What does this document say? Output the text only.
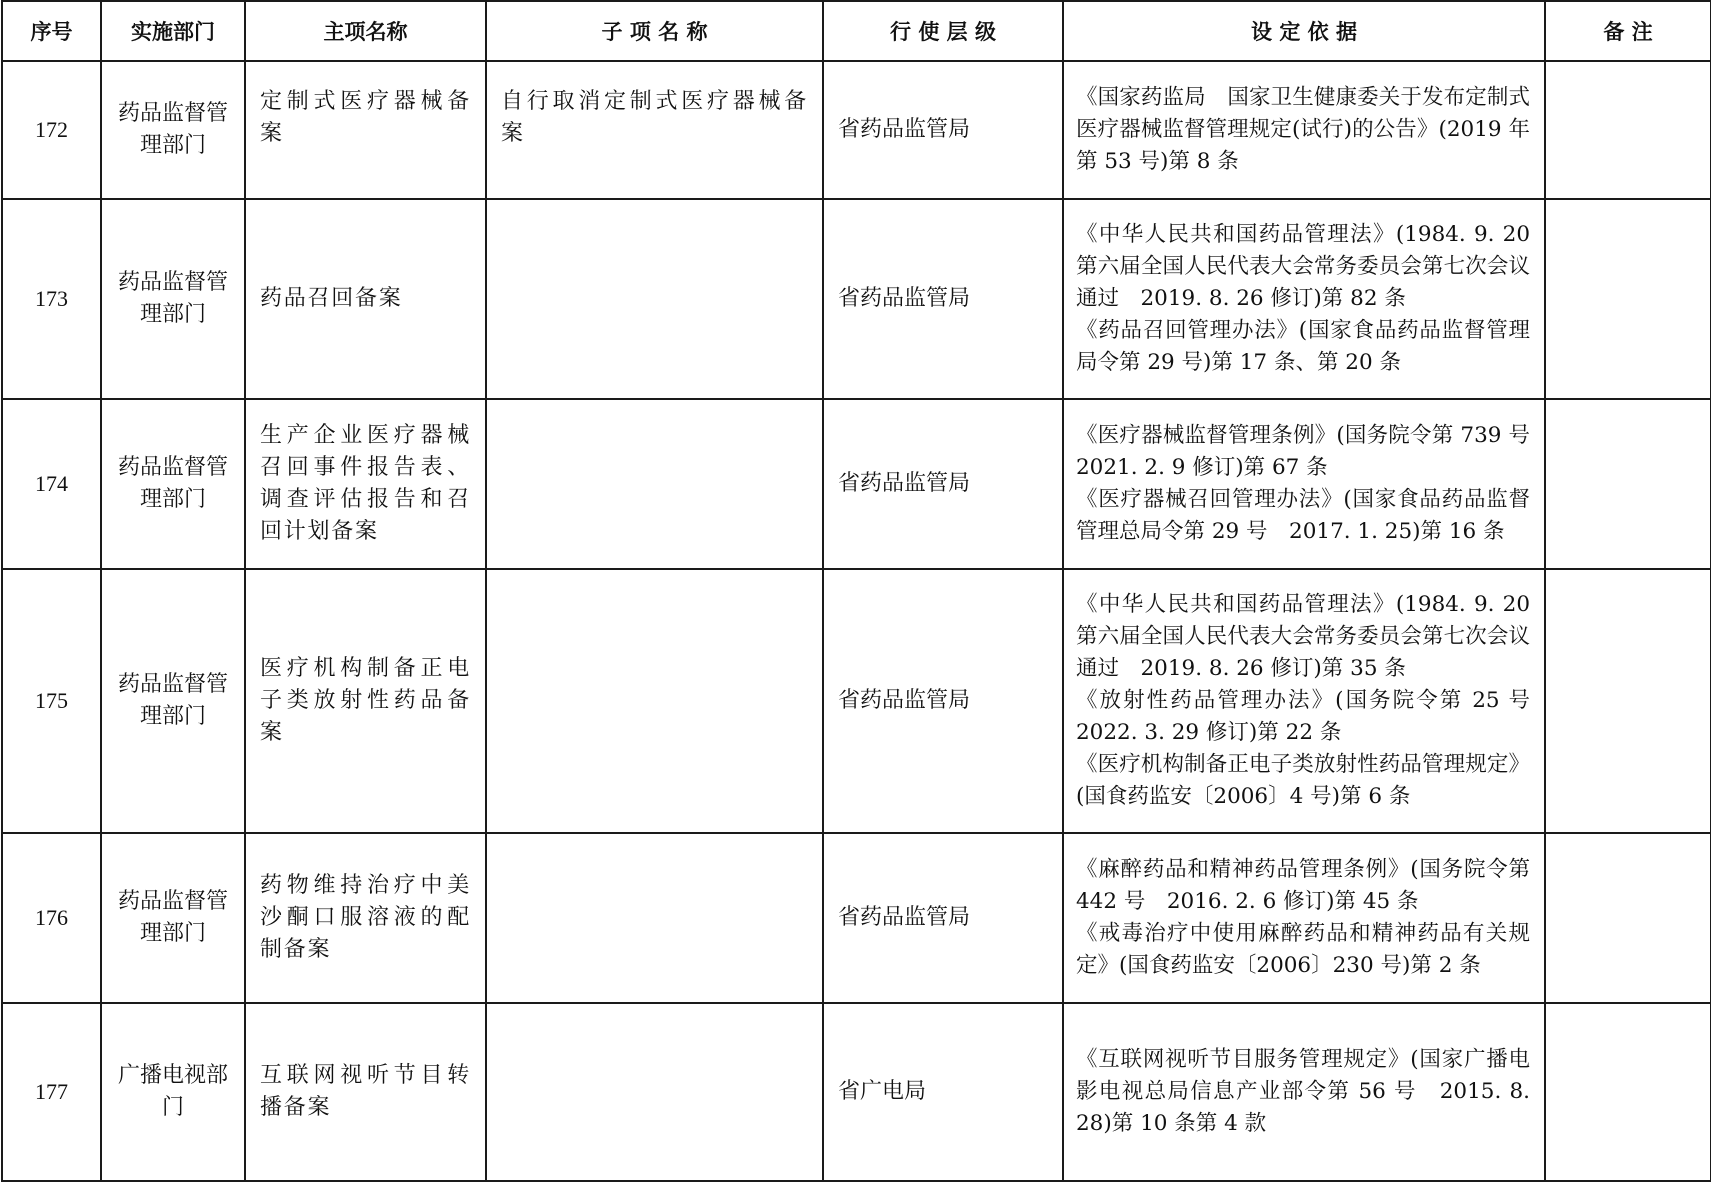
序号	实施部门	主项名称	子 项 名 称	行 使 层 级	设 定 依 据	备 注
172	药品监督管理部门	定制式医疗器械备案	自行取消定制式医疗器械备案	省药品监管局	《国家药监局　国家卫生健康委关于发布定制式医疗器械监督管理规定(试行)的公告》(2019 年第 53 号)第 8 条	

173	药品监督管理部门	药品召回备案		省药品监管局	《中华人民共和国药品管理法》(1984. 9. 20 第六届全国人民代表大会常务委员会第七次会议通过　2019. 8. 26 修订)第 82 条
《药品召回管理办法》(国家食品药品监督管理局令第 29 号)第 17 条、第 20 条	

174	药品监督管理部门	生产企业医疗器械召回事件报告表、调查评估报告和召回计划备案		省药品监管局	《医疗器械监督管理条例》(国务院令第 739 号　2021. 2. 9 修订)第 67 条
《医疗器械召回管理办法》(国家食品药品监督管理总局令第 29 号　2017. 1. 25)第 16 条	

175	药品监督管理部门	医疗机构制备正电子类放射性药品备案		省药品监管局	《中华人民共和国药品管理法》(1984. 9. 20 第六届全国人民代表大会常务委员会第七次会议通过　2019. 8. 26 修订)第 35 条
《放射性药品管理办法》(国务院令第 25 号　2022. 3. 29 修订)第 22 条
《医疗机构制备正电子类放射性药品管理规定》(国食药监安〔2006〕4 号)第 6 条	

176	药品监督管理部门	药物维持治疗中美沙酮口服溶液的配制备案		省药品监管局	《麻醉药品和精神药品管理条例》(国务院令第 442 号　2016. 2. 6 修订)第 45 条
《戒毒治疗中使用麻醉药品和精神药品有关规定》(国食药监安〔2006〕230 号)第 2 条	

177	广播电视部门	互联网视听节目转播备案		省广电局	《互联网视听节目服务管理规定》(国家广播电影电视总局信息产业部令第 56 号　2015. 8. 28)第 10 条第 4 款	
